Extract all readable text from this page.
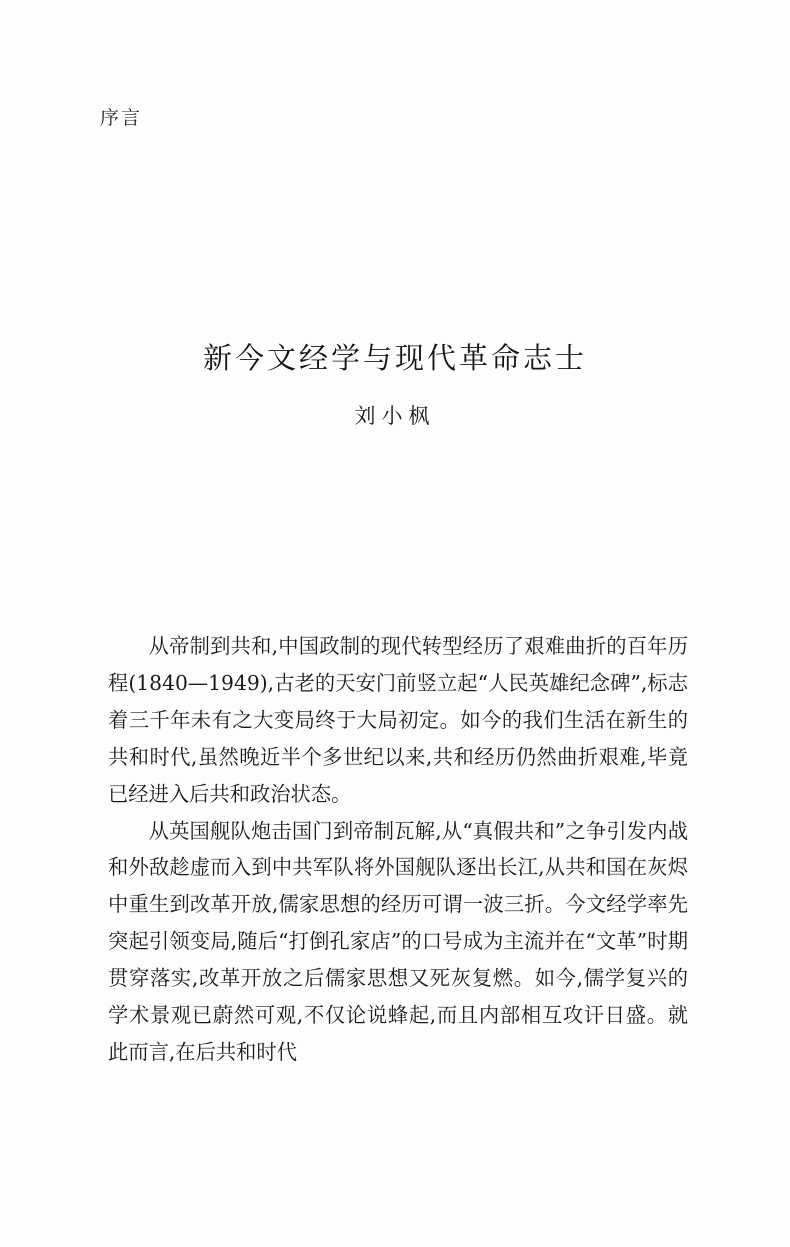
序言
新今文经学与现代革命志士
刘小枫

从帝制到共和,中国政制的现代转型经历了艰难曲折的百年历程(1840—1949),古老的天安门前竖立起“人民英雄纪念碑”,标志着三千年未有之大变局终于大局初定。如今的我们生活在新生的共和时代,虽然晚近半个多世纪以来,共和经历仍然曲折艰难,毕竟已经进入后共和政治状态。

从英国舰队炮击国门到帝制瓦解,从“真假共和”之争引发内战和外敌趁虚而入到中共军队将外国舰队逐出长江,从共和国在灰烬中重生到改革开放,儒家思想的经历可谓一波三折。今文经学率先突起引领变局,随后“打倒孔家店”的口号成为主流并在“文革”时期贯穿落实,改革开放之后儒家思想又死灰复燃。如今,儒学复兴的学术景观已蔚然可观,不仅论说蜂起,而且内部相互攻讦日盛。就此而言,在后共和时代
